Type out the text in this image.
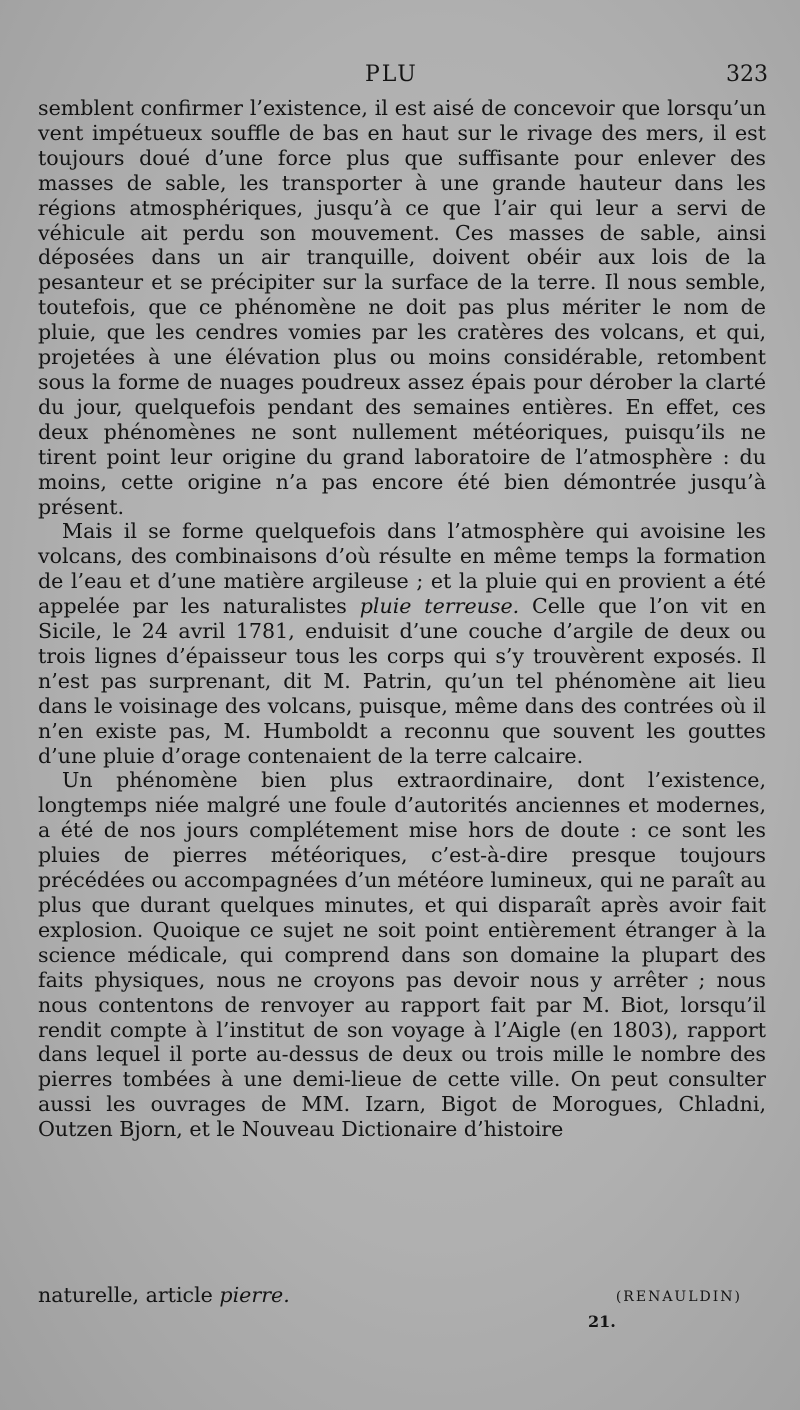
PLU	323

semblent confirmer l’existence, il est aisé de concevoir que lorsqu’un vent impétueux souffle de bas en haut sur le rivage des mers, il est toujours doué d’une force plus que suffisante pour enlever des masses de sable, les transporter à une grande hauteur dans les régions atmosphériques, jusqu’à ce que l’air qui leur a servi de véhicule ait perdu son mouvement. Ces masses de sable, ainsi déposées dans un air tranquille, doivent obéir aux lois de la pesanteur et se précipiter sur la surface de la terre. Il nous semble, toutefois, que ce phénomène ne doit pas plus mériter le nom de pluie, que les cendres vomies par les cratères des volcans, et qui, projetées à une élévation plus ou moins considérable, retombent sous la forme de nuages poudreux assez épais pour dérober la clarté du jour, quelquefois pendant des semaines entières. En effet, ces deux phénomènes ne sont nullement météoriques, puisqu’ils ne tirent point leur origine du grand laboratoire de l’atmosphère : du moins, cette origine n’a pas encore été bien démontrée jusqu’à présent.

Mais il se forme quelquefois dans l’atmosphère qui avoisine les volcans, des combinaisons d’où résulte en même temps la formation de l’eau et d’une matière argileuse ; et la pluie qui en provient a été appelée par les naturalistes pluie terreuse. Celle que l’on vit en Sicile, le 24 avril 1781, enduisit d’une couche d’argile de deux ou trois lignes d’épaisseur tous les corps qui s’y trouvèrent exposés. Il n’est pas surprenant, dit M. Patrin, qu’un tel phénomène ait lieu dans le voisinage des volcans, puisque, même dans des contrées où il n’en existe pas, M. Humboldt a reconnu que souvent les gouttes d’une pluie d’orage contenaient de la terre calcaire.

Un phénomène bien plus extraordinaire, dont l’existence, longtemps niée malgré une foule d’autorités anciennes et modernes, a été de nos jours complétement mise hors de doute : ce sont les pluies de pierres météoriques, c’est-à-dire presque toujours précédées ou accompagnées d’un météore lumineux, qui ne paraît au plus que durant quelques minutes, et qui disparaît après avoir fait explosion. Quoique ce sujet ne soit point entièrement étranger à la science médicale, qui comprend dans son domaine la plupart des faits physiques, nous ne croyons pas devoir nous y arrêter ; nous nous contentons de renvoyer au rapport fait par M. Biot, lorsqu’il rendit compte à l’institut de son voyage à l’Aigle (en 1803), rapport dans lequel il porte au-dessus de deux ou trois mille le nombre des pierres tombées à une demi-lieue de cette ville. On peut consulter aussi les ouvrages de MM. Izarn, Bigot de Morogues, Chladni, Outzen Bjorn, et le Nouveau Dictionaire d’histoire

naturelle, article pierre.	(RENAULDIN)
21.
